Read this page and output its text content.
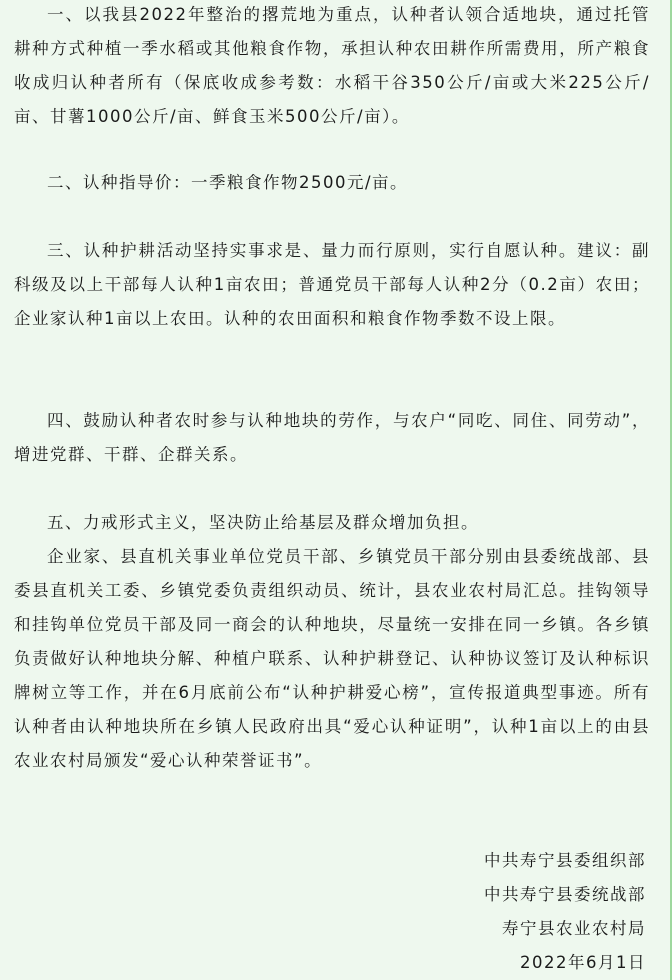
一、以我县2022年整治的撂荒地为重点，认种者认领合适地块，通过托管耕种方式种植一季水稻或其他粮食作物，承担认种农田耕作所需费用，所产粮食收成归认种者所有（保底收成参考数：水稻干谷350公斤/亩或大米225公斤/亩、甘薯1000公斤/亩、鲜食玉米500公斤/亩）。

二、认种指导价：一季粮食作物2500元/亩。

三、认种护耕活动坚持实事求是、量力而行原则，实行自愿认种。建议：副科级及以上干部每人认种1亩农田；普通党员干部每人认种2分（0.2亩）农田；企业家认种1亩以上农田。认种的农田面积和粮食作物季数不设上限。

四、鼓励认种者农时参与认种地块的劳作，与农户“同吃、同住、同劳动”，增进党群、干群、企群关系。

五、力戒形式主义，坚决防止给基层及群众增加负担。

企业家、县直机关事业单位党员干部、乡镇党员干部分别由县委统战部、县委县直机关工委、乡镇党委负责组织动员、统计，县农业农村局汇总。挂钩领导和挂钩单位党员干部及同一商会的认种地块，尽量统一安排在同一乡镇。各乡镇负责做好认种地块分解、种植户联系、认种护耕登记、认种协议签订及认种标识牌树立等工作，并在6月底前公布“认种护耕爱心榜”，宣传报道典型事迹。所有认种者由认种地块所在乡镇人民政府出具“爱心认种证明”，认种1亩以上的由县农业农村局颁发“爱心认种荣誉证书”。

中共寿宁县委组织部

中共寿宁县委统战部

寿宁县农业农村局

2022年6月1日
